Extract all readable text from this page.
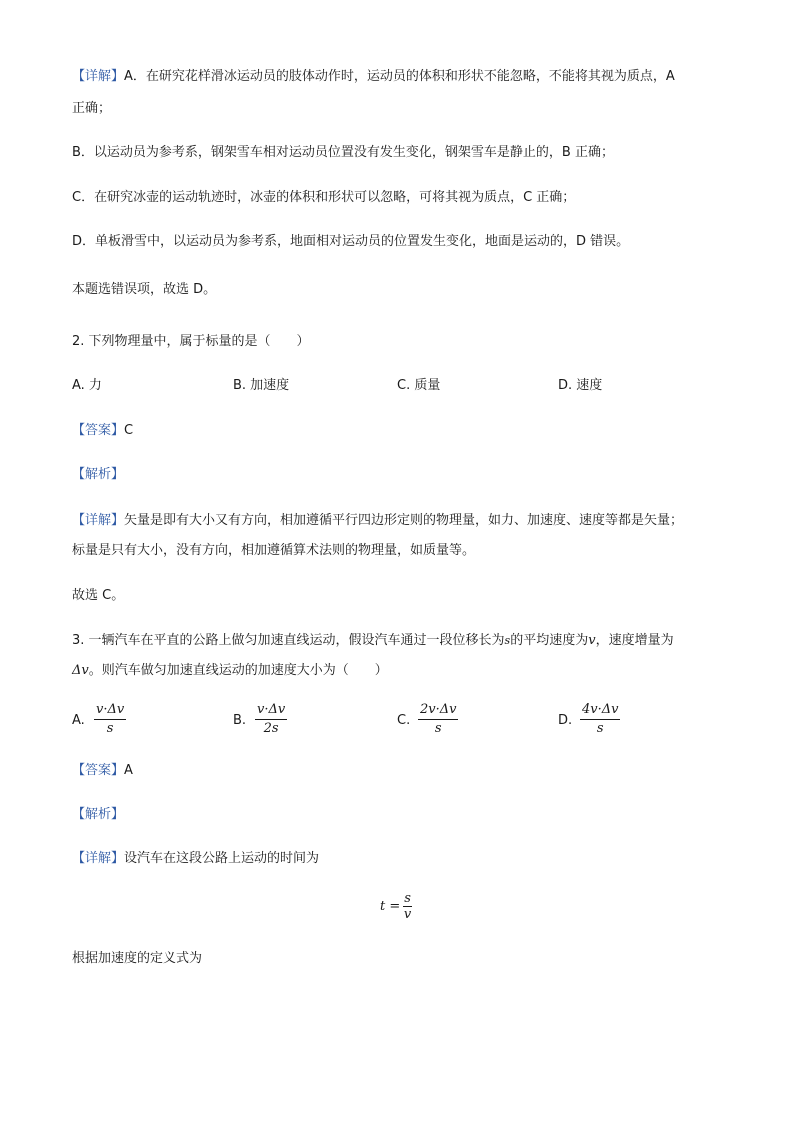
【详解】A．在研究花样滑冰运动员的肢体动作时，运动员的体积和形状不能忽略，不能将其视为质点，A
正确；
B．以运动员为参考系，钢架雪车相对运动员位置没有发生变化，钢架雪车是静止的，B 正确；
C．在研究冰壶的运动轨迹时，冰壶的体积和形状可以忽略，可将其视为质点，C 正确；
D．单板滑雪中，以运动员为参考系，地面相对运动员的位置发生变化，地面是运动的，D 错误。
本题选错误项，故选 D。
2. 下列物理量中，属于标量的是（　　）
A. 力	B. 加速度	C. 质量	D. 速度
【答案】C
【解析】
【详解】矢量是即有大小又有方向，相加遵循平行四边形定则的物理量，如力、加速度、速度等都是矢量；
标量是只有大小，没有方向，相加遵循算术法则的物理量，如质量等。
故选 C。
3. 一辆汽车在平直的公路上做匀加速直线运动，假设汽车通过一段位移长为s的平均速度为v，速度增量为
Δv。则汽车做匀加速直线运动的加速度大小为（　　）
A. $\frac{v\cdot\Delta v}{s}$	B. $\frac{v\cdot\Delta v}{2s}$	C. $\frac{2v\cdot\Delta v}{s}$	D. $\frac{4v\cdot\Delta v}{s}$
【答案】A
【解析】
【详解】设汽车在这段公路上运动的时间为
$t = \frac{s}{v}$
根据加速度的定义式为
